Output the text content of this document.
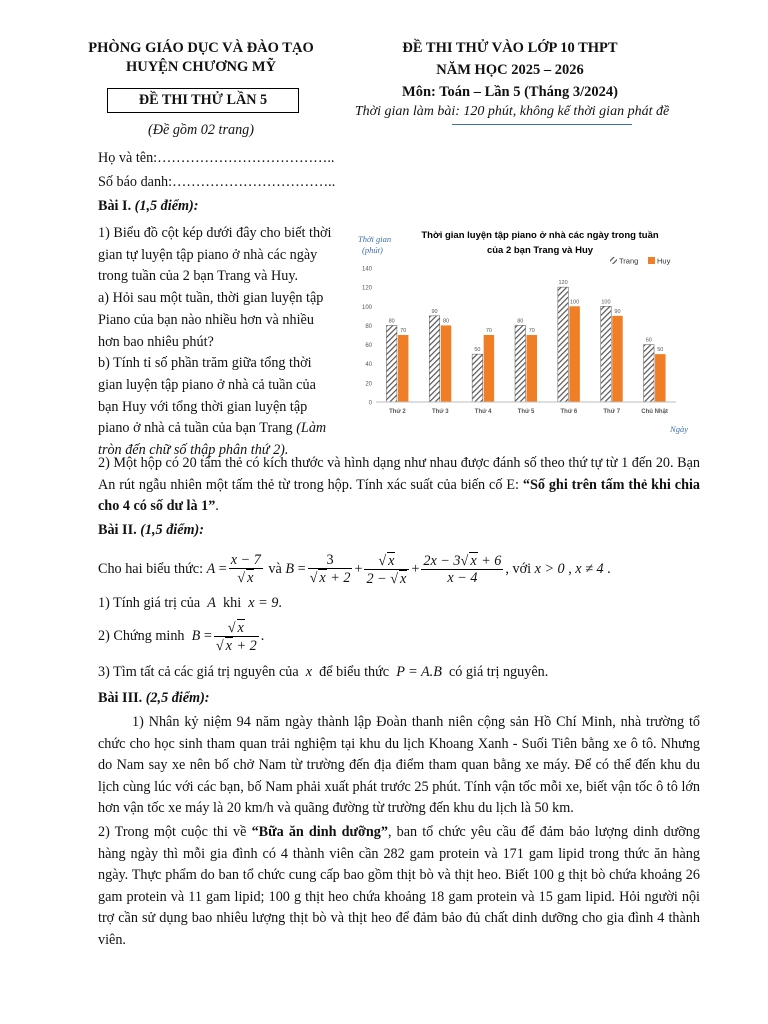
PHÒNG GIÁO DỤC VÀ ĐÀO TẠO
HUYỆN CHƯƠNG MỸ
ĐỀ THI THỬ LẦN 5
(Đề gồm 02 trang)
ĐỀ THI THỬ VÀO LỚP 10 THPT
NĂM HỌC 2025 – 2026
Môn: Toán – Lần 5 (Tháng 3/2024)
Thời gian làm bài: 120 phút, không kể thời gian phát đề
Họ và tên:………………………………..
Số báo danh:……………………………..
Bài I. (1,5 điểm):
1) Biểu đồ cột kép dưới đây cho biết thời
gian tự luyện tập piano ở nhà các ngày
trong tuần của 2 bạn Trang và Huy.
a) Hỏi sau một tuần, thời gian luyện tập
Piano của bạn nào nhiều hơn và nhiều
hơn bao nhiêu phút?
b) Tính tỉ số phần trăm giữa tổng thời
gian luyện tập piano ở nhà cả tuần của
bạn Huy với tổng thời gian luyện tập
piano ở nhà cả tuần của bạn Trang (Làm
tròn đến chữ số thập phân thứ 2).
Thời gian
(phút)
Thời gian luyện tập piano ở nhà các ngày trong tuần
của 2 bạn Trang và Huy
Trang Huy
0
20
40
60
80
100
120
140
80
70
90
80
50
70
80
70
120
100	100
90
60
50
Thứ 2	Thứ 3	Thứ 4	Thứ 5	Thứ 6	Thứ 7	Chủ Nhật
Ngày
2) Một hộp có 20 tấm thẻ có kích thước và hình dạng như nhau được đánh số theo thứ tự từ 1 đến 20. Bạn An rút ngẫu nhiên một tấm thẻ từ trong hộp. Tính xác suất của biến cố E: “Số ghi trên tấm thẻ khi chia cho 4 có số dư là 1”.
Bài II. (1,5 điểm):
Cho hai biểu thức:
$A = \frac{x - 7}{√ x}$
và
$B = \frac{3}{√ x + 2} + \frac{√ x}{2 - √ x} + \frac{2x - 3√ x + 6}{x - 4}$ , với
x > 0 , x ≠ 4 .
1) Tính giá trị của A khi x = 9.
2) Chứng minh
$B = \frac{√ x}{√ x + 2}$ .
3) Tìm tất cả các giá trị nguyên của x để biểu thức P = A.B có giá trị nguyên.
Bài III. (2,5 điểm):
1) Nhân kỷ niệm 94 năm ngày thành lập Đoàn thanh niên cộng sản Hồ Chí Minh, nhà trường tổ chức cho học sinh tham quan trải nghiệm tại khu du lịch Khoang Xanh - Suối Tiên bằng xe ô tô. Nhưng do Nam say xe nên bố chở Nam từ trường đến địa điểm tham quan bằng xe máy. Để có thể đến khu du lịch cùng lúc với các bạn, bố Nam phải xuất phát trước 25 phút. Tính vận tốc mỗi xe, biết vận tốc ô tô lớn hơn vận tốc xe máy là 20 km/h và quãng đường từ trường đến khu du lịch là 50 km.
2) Trong một cuộc thi về “Bữa ăn dinh dưỡng”, ban tổ chức yêu cầu để đảm bảo lượng dinh dưỡng hàng ngày thì mỗi gia đình có 4 thành viên cần 282 gam protein và 171 gam lipid trong thức ăn hàng ngày. Thực phẩm do ban tổ chức cung cấp bao gồm thịt bò và thịt heo. Biết 100 g thịt bò chứa khoảng 26 gam protein và 11 gam lipid; 100 g thịt heo chứa khoảng 18 gam protein và 15 gam lipid. Hỏi người nội trợ cần sử dụng bao nhiêu lượng thịt bò và thịt heo để đảm bảo đủ chất dinh dưỡng cho gia đình 4 thành viên.
